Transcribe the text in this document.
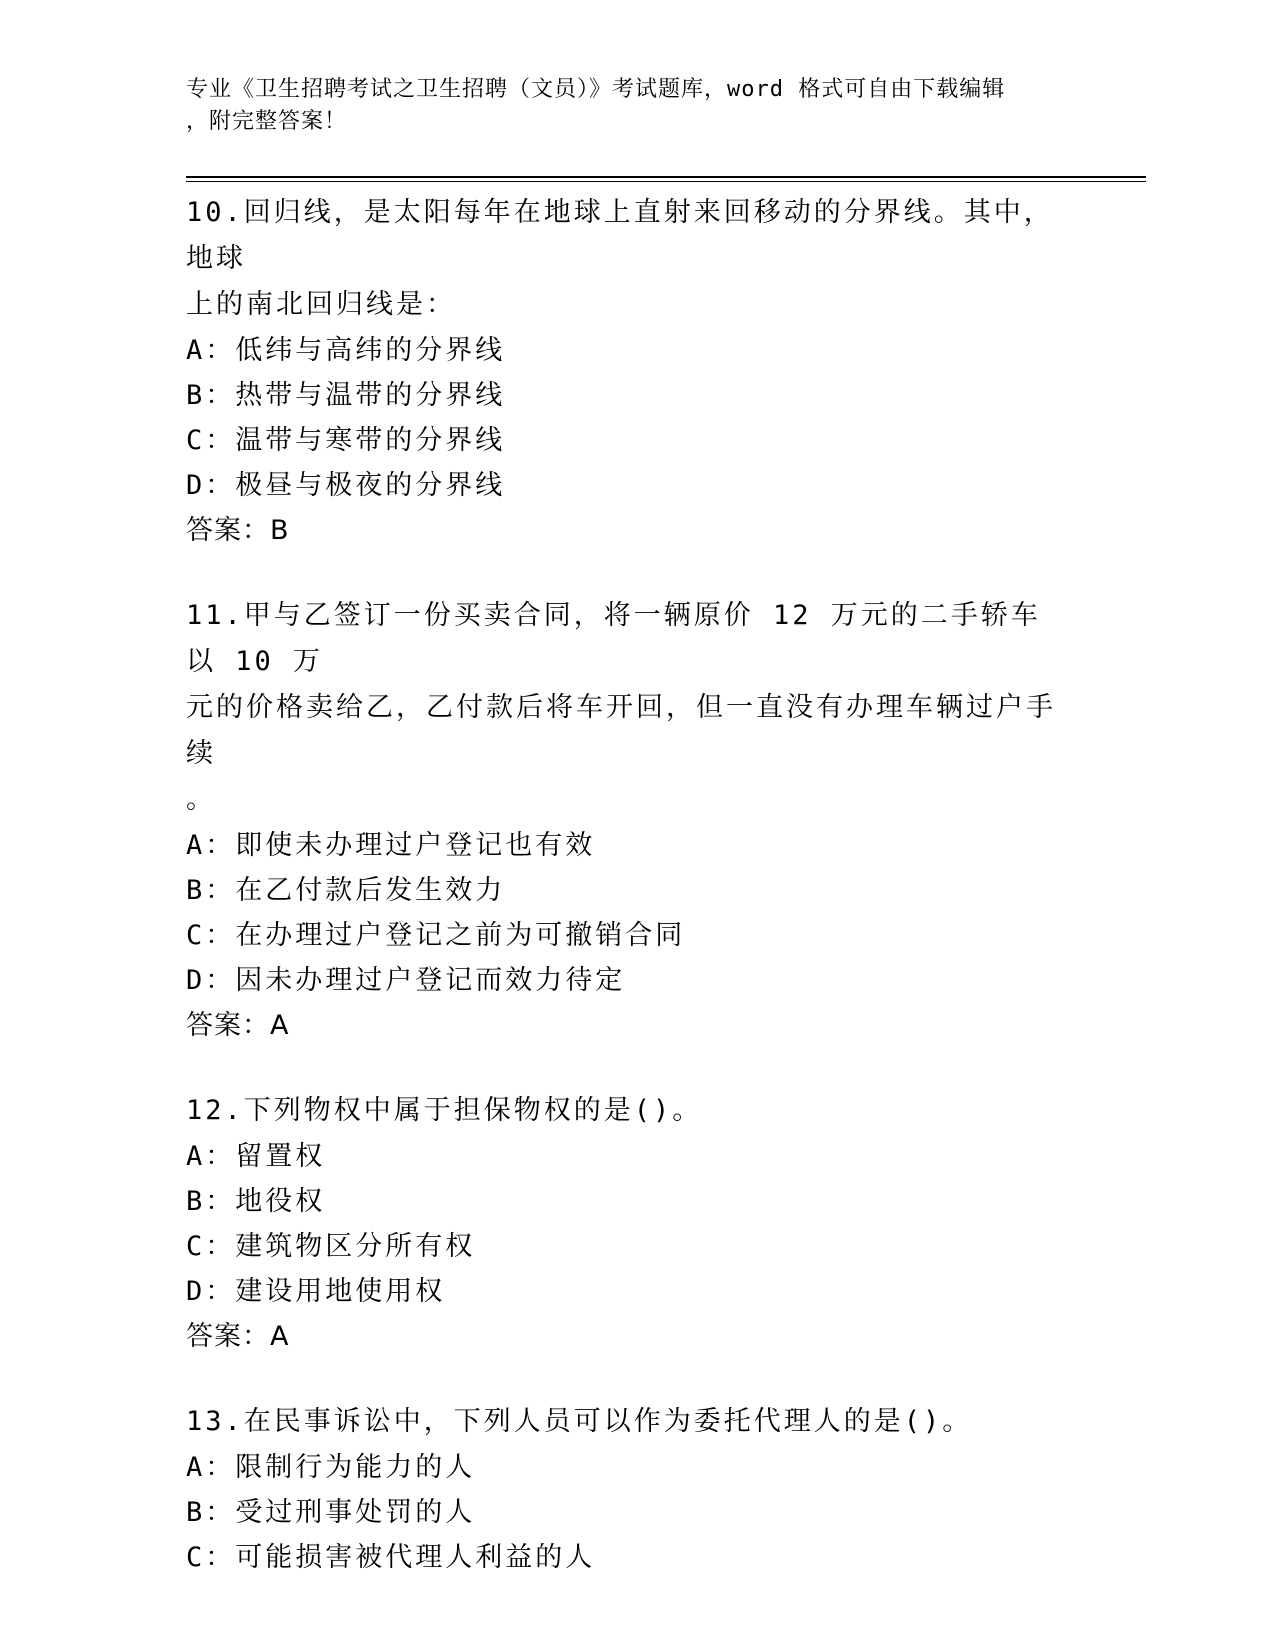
专业《卫生招聘考试之卫生招聘（文员）》考试题库，word 格式可自由下载编辑
，附完整答案！
10.回归线，是太阳每年在地球上直射来回移动的分界线。其中，地球
上的南北回归线是：
A：低纬与高纬的分界线
B：热带与温带的分界线
C：温带与寒带的分界线
D：极昼与极夜的分界线
答案：B
11.甲与乙签订一份买卖合同，将一辆原价 12 万元的二手轿车以 10 万
元的价格卖给乙，乙付款后将车开回，但一直没有办理车辆过户手续
。
A：即使未办理过户登记也有效
B：在乙付款后发生效力
C：在办理过户登记之前为可撤销合同
D：因未办理过户登记而效力待定
答案：A
12.下列物权中属于担保物权的是()。
A：留置权
B：地役权
C：建筑物区分所有权
D：建设用地使用权
答案：A
13.在民事诉讼中，下列人员可以作为委托代理人的是()。
A：限制行为能力的人
B：受过刑事处罚的人
C：可能损害被代理人利益的人
